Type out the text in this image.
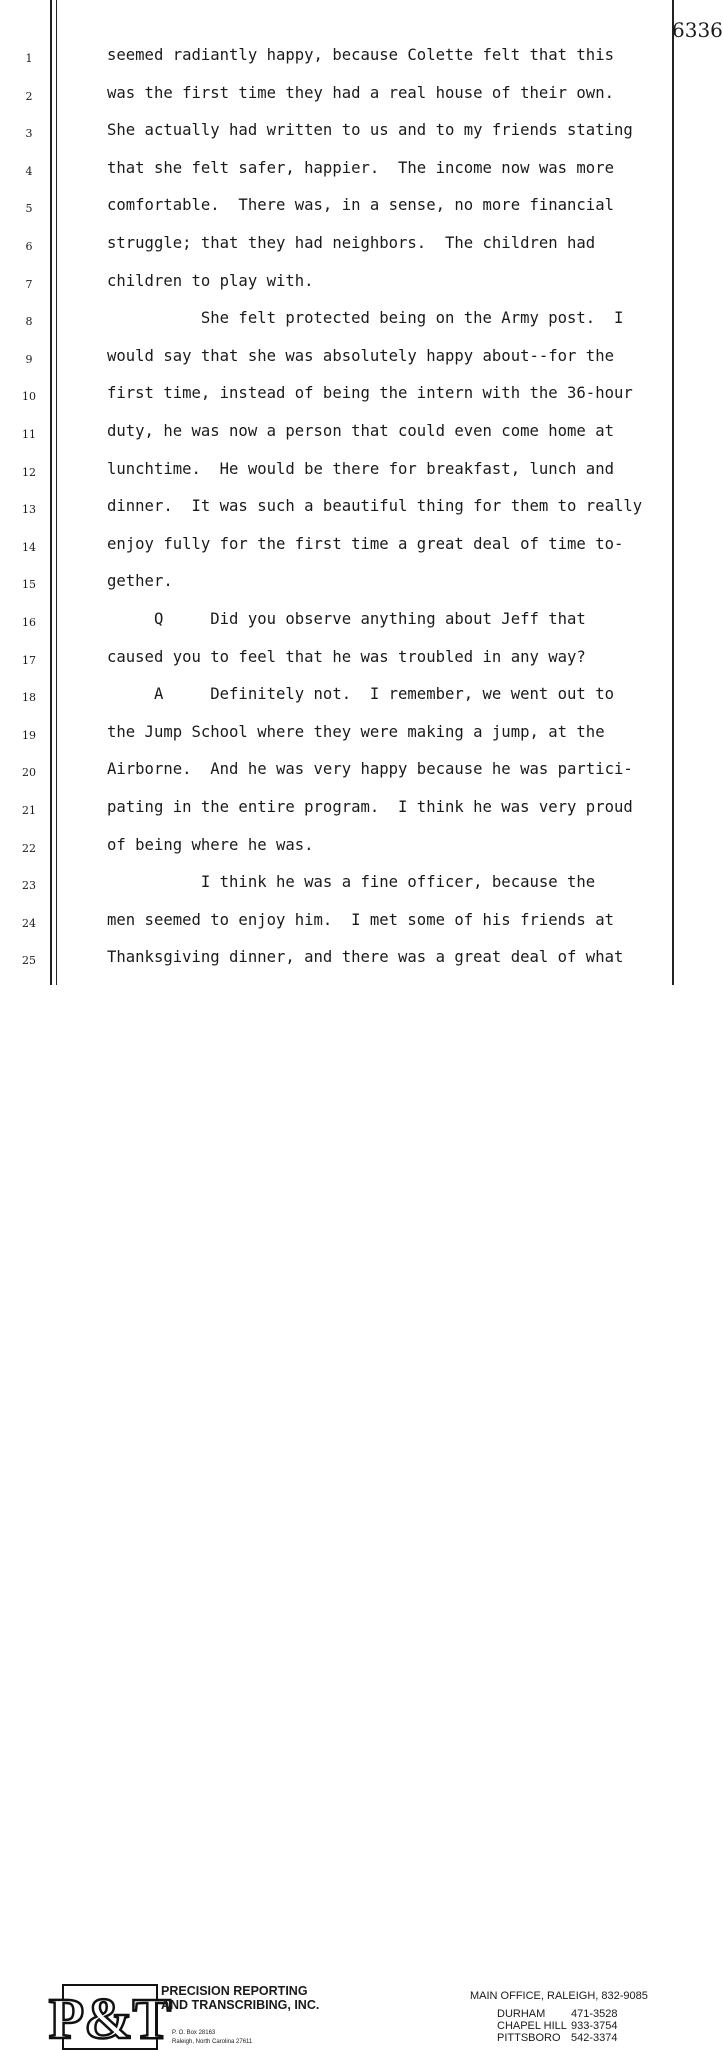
6336
1	seemed radiantly happy, because Colette felt that this
2	was the first time they had a real house of their own.
3	She actually had written to us and to my friends stating
4	that she felt safer, happier.  The income now was more
5	comfortable.  There was, in a sense, no more financial
6	struggle; that they had neighbors.  The children had
7	children to play with.
8	She felt protected being on the Army post.  I
9	would say that she was absolutely happy about--for the
10	first time, instead of being the intern with the 36-hour
11	duty, he was now a person that could even come home at
12	lunchtime.  He would be there for breakfast, lunch and
13	dinner.  It was such a beautiful thing for them to really
14	enjoy fully for the first time a great deal of time to-
15	gether.
16	Q     Did you observe anything about Jeff that
17	caused you to feel that he was troubled in any way?
18	A     Definitely not.  I remember, we went out to
19	the Jump School where they were making a jump, at the
20	Airborne.  And he was very happy because he was partici-
21	pating in the entire program.  I think he was very proud
22	of being where he was.
23	I think he was a fine officer, because the
24	men seemed to enjoy him.  I met some of his friends at
25	Thanksgiving dinner, and there was a great deal of what
P&T
PRECISION REPORTING
AND TRANSCRIBING, INC.
P. O. Box 28163
Raleigh, North Carolina 27611
MAIN OFFICE, RALEIGH, 832-9085
DURHAM 471-3528
CHAPEL HILL 933-3754
PITTSBORO 542-3374
